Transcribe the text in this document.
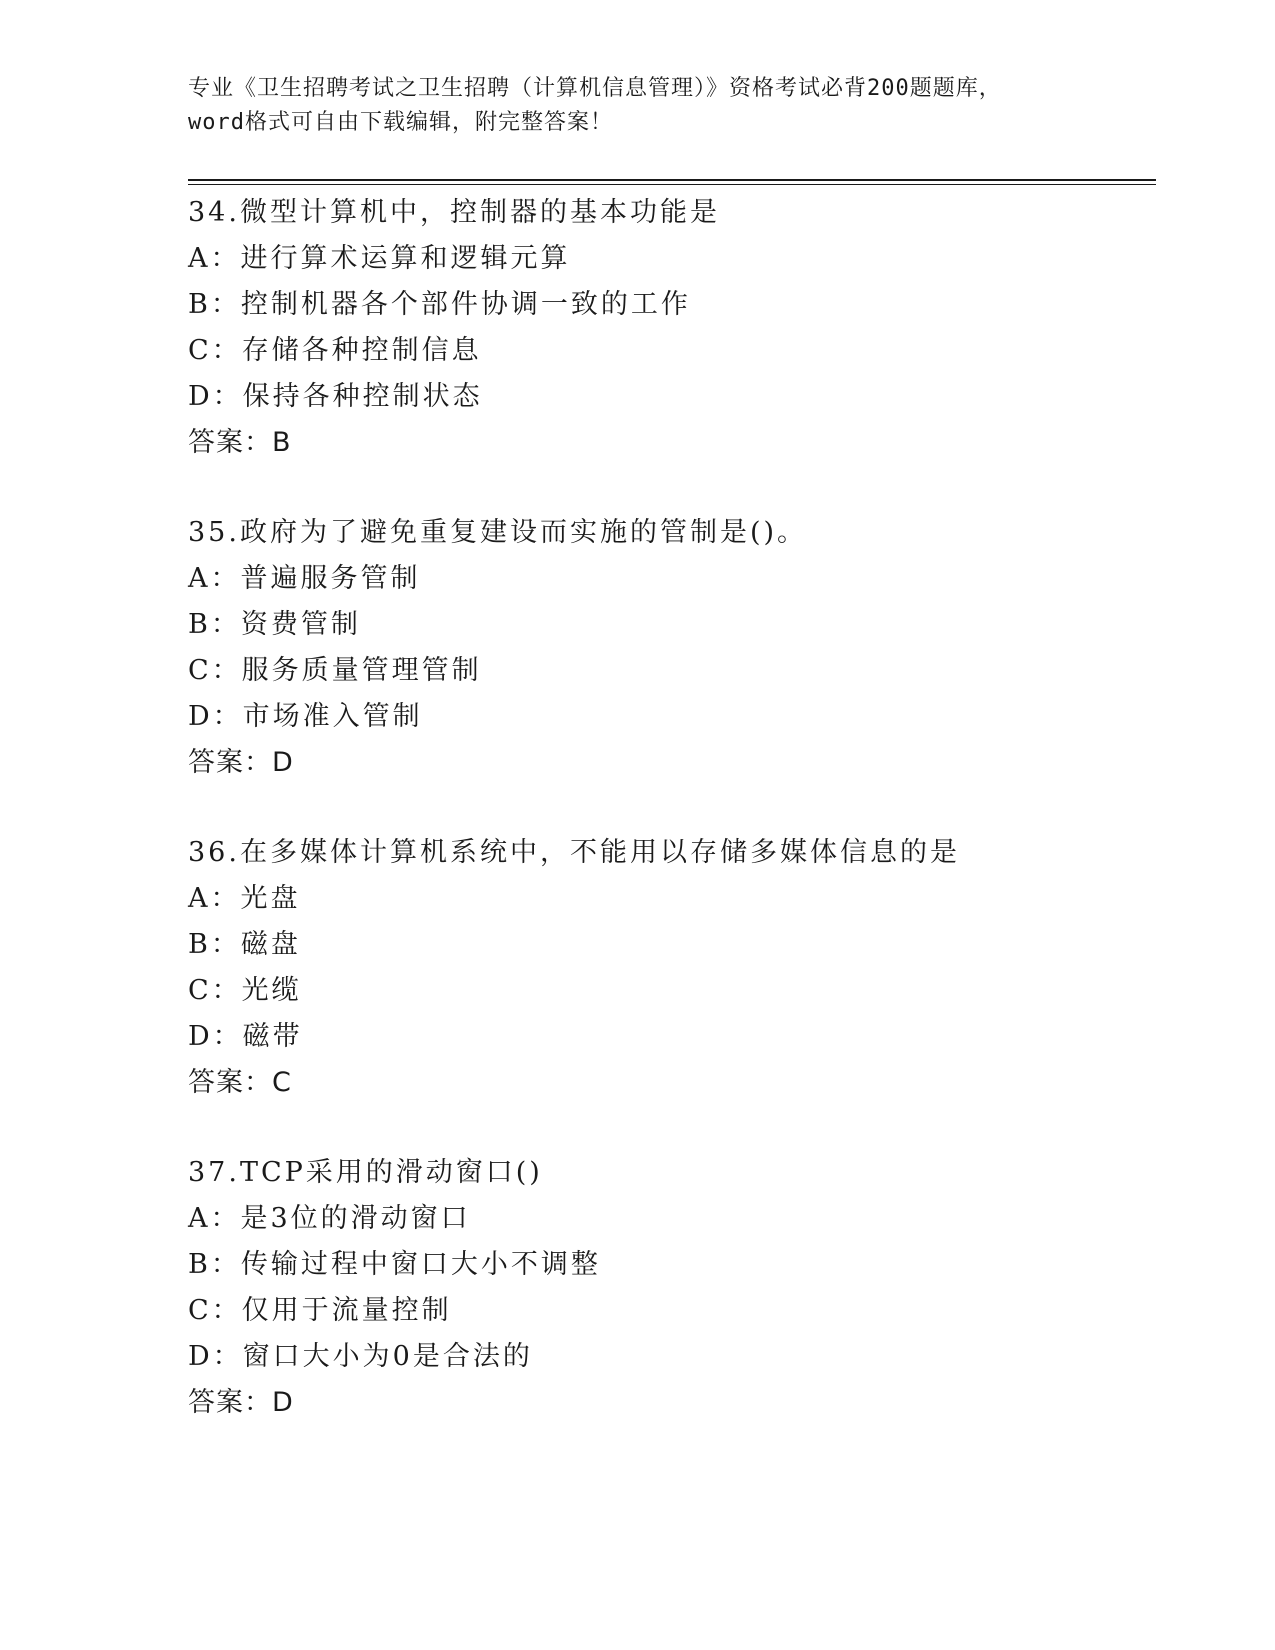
专业《卫生招聘考试之卫生招聘（计算机信息管理）》资格考试必背200题题库，
word格式可自由下载编辑，附完整答案！
34.微型计算机中，控制器的基本功能是
A：进行算术运算和逻辑元算
B：控制机器各个部件协调一致的工作
C：存储各种控制信息
D：保持各种控制状态
答案：B
35.政府为了避免重复建设而实施的管制是()。
A：普遍服务管制
B：资费管制
C：服务质量管理管制
D：市场准入管制
答案：D
36.在多媒体计算机系统中，不能用以存储多媒体信息的是
A：光盘
B：磁盘
C：光缆
D：磁带
答案：C
37.TCP采用的滑动窗口()
A：是3位的滑动窗口
B：传输过程中窗口大小不调整
C：仅用于流量控制
D：窗口大小为0是合法的
答案：D
